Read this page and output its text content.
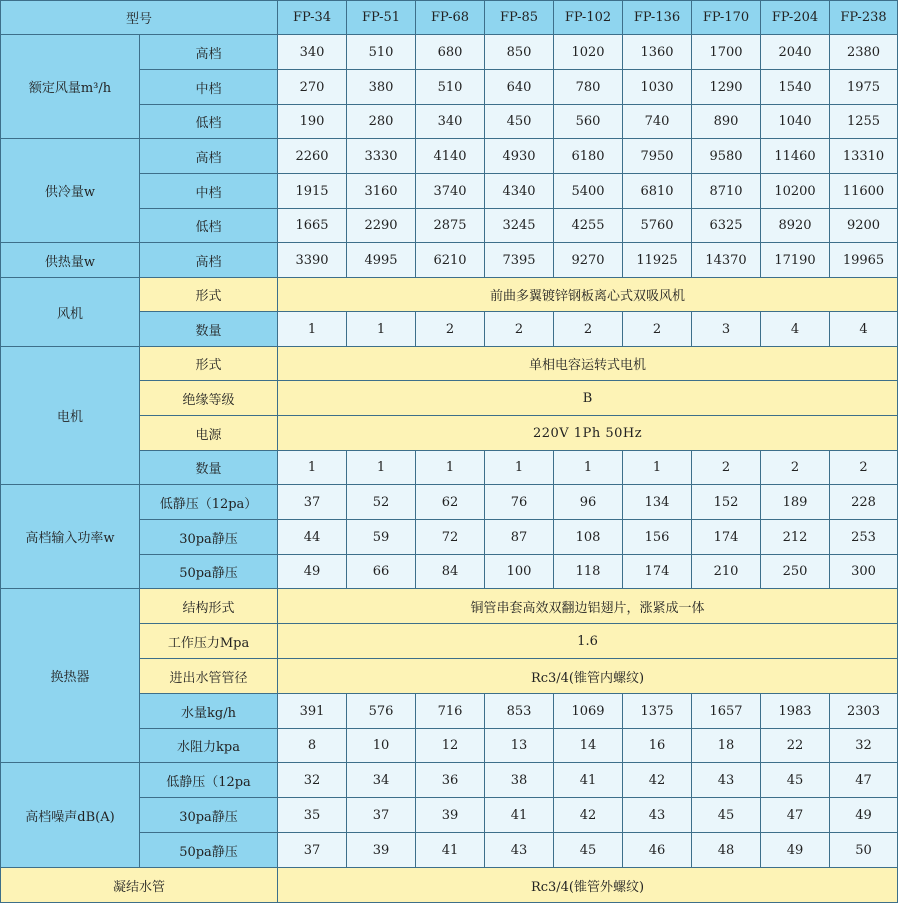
型号		FP-34	FP-51	FP-68	FP-85	FP-102	FP-136	FP-170	FP-204	FP-238
额定风量m³/h	高档	340	510	680	850	1020	1360	1700	2040	2380
	中档	270	380	510	640	780	1030	1290	1540	1975
	低档	190	280	340	450	560	740	890	1040	1255
供冷量w	高档	2260	3330	4140	4930	6180	7950	9580	11460	13310
	中档	1915	3160	3740	4340	5400	6810	8710	10200	11600
	低档	1665	2290	2875	3245	4255	5760	6325	8920	9200
供热量w	高档	3390	4995	6210	7395	9270	11925	14370	17190	19965
风机	形式	前曲多翼镀锌钢板离心式双吸风机								
	数量	1	1	2	2	2	2	3	4	4
电机	形式	单相电容运转式电机								
	绝缘等级	B								
	电源	220V 1Ph 50Hz								
	数量	1	1	1	1	1	1	2	2	2
高档输入功率w	低静压（12pa）	37	52	62	76	96	134	152	189	228
	30pa静压	44	59	72	87	108	156	174	212	253
	50pa静压	49	66	84	100	118	174	210	250	300
换热器	结构形式	铜管串套高效双翻边铝翅片，涨紧成一体								
	工作压力Mpa	1.6								
	进出水管管径	Rc3/4(锥管内螺纹)								
	水量kg/h	391	576	716	853	1069	1375	1657	1983	2303
	水阻力kpa	8	10	12	13	14	16	18	22	32
高档噪声dB(A)	低静压（12pa	32	34	36	38	41	42	43	45	47
	30pa静压	35	37	39	41	42	43	45	47	49
	50pa静压	37	39	41	43	45	46	48	49	50
凝结水管		Rc3/4(锥管外螺纹)								
